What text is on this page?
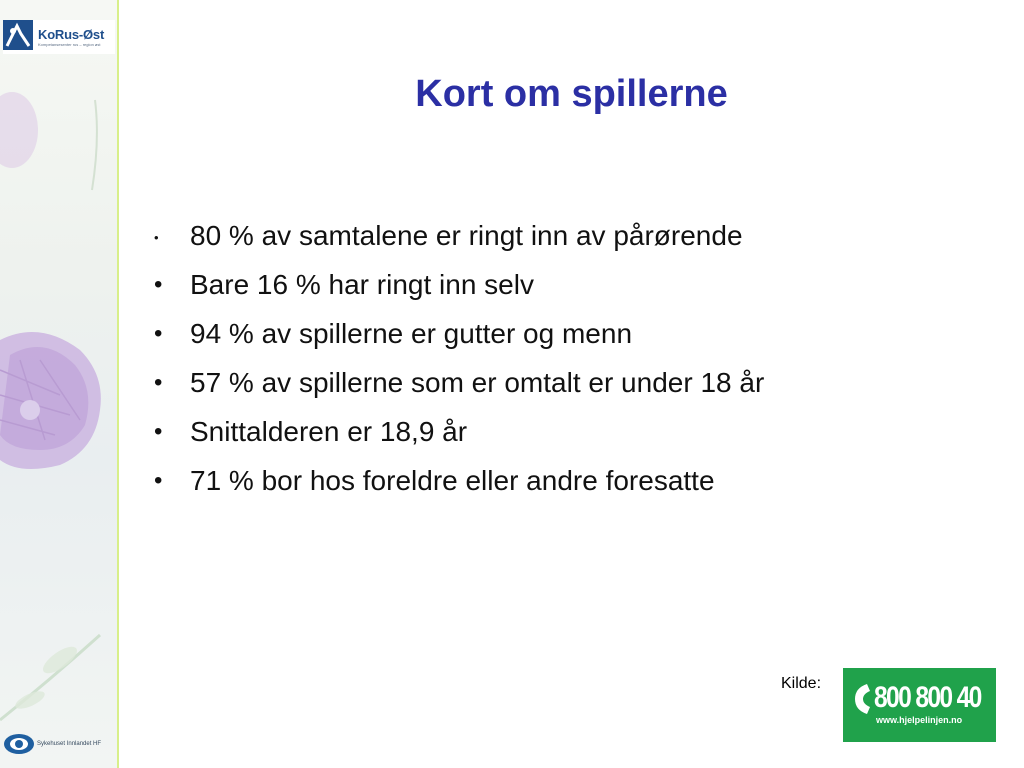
KoRus-Øst
Kompetansesenter rus – region øst
Sykehuset Innlandet HF
Kort om spillerne
• 80 % av samtalene er ringt inn av pårørende
• Bare 16 % har ringt inn selv
• 94 % av spillerne er gutter og menn
• 57 % av spillerne som er omtalt er under 18 år
• Snittalderen er 18,9 år
• 71 % bor hos foreldre eller andre foresatte
Kilde: 800 800 40
www.hjelpelinjen.no
